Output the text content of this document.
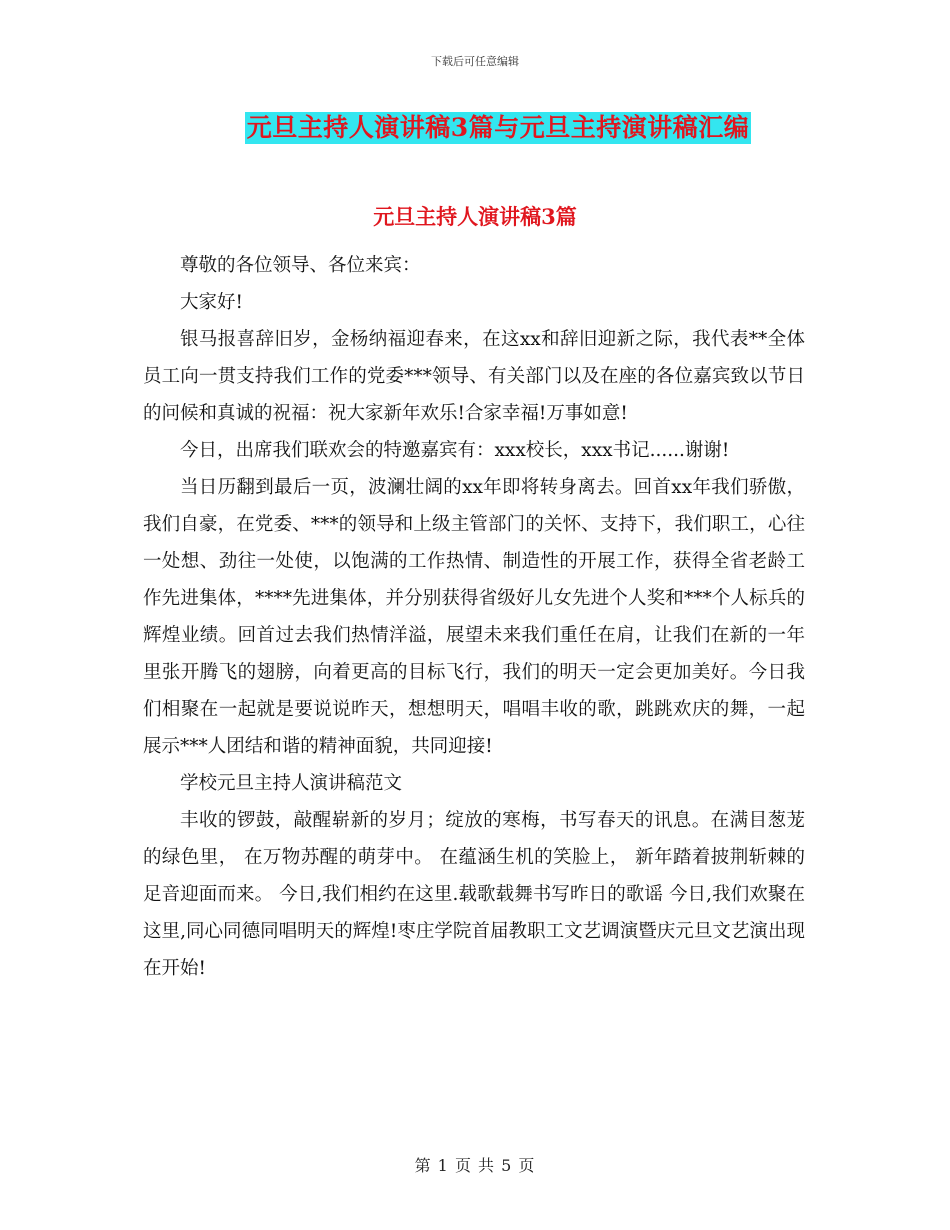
下载后可任意编辑
元旦主持人演讲稿3篇与元旦主持演讲稿汇编
元旦主持人演讲稿3篇

尊敬的各位领导、各位来宾：

大家好!

银马报喜辞旧岁，金杨纳福迎春来，在这xx和辞旧迎新之际，我代表**全体员工向一贯支持我们工作的党委***领导、有关部门以及在座的各位嘉宾致以节日的问候和真诚的祝福：祝大家新年欢乐!合家幸福!万事如意!

今日，出席我们联欢会的特邀嘉宾有：xxx校长，xxx书记......谢谢!

当日历翻到最后一页，波澜壮阔的xx年即将转身离去。回首xx年我们骄傲，我们自豪，在党委、***的领导和上级主管部门的关怀、支持下，我们职工，心往一处想、劲往一处使，以饱满的工作热情、制造性的开展工作，获得全省老龄工作先进集体，****先进集体，并分别获得省级好儿女先进个人奖和***个人标兵的辉煌业绩。回首过去我们热情洋溢，展望未来我们重任在肩，让我们在新的一年里张开腾飞的翅膀，向着更高的目标飞行，我们的明天一定会更加美好。今日我们相聚在一起就是要说说昨天，想想明天，唱唱丰收的歌，跳跳欢庆的舞，一起展示***人团结和谐的精神面貌，共同迎接!

学校元旦主持人演讲稿范文

丰收的锣鼓，敲醒崭新的岁月；绽放的寒梅，书写春天的讯息。在满目葱茏的绿色里， 在万物苏醒的萌芽中。 在蕴涵生机的笑脸上， 新年踏着披荆斩棘的足音迎面而来。 今日,我们相约在这里.载歌载舞书写昨日的歌谣 今日,我们欢聚在这里,同心同德同唱明天的辉煌!枣庄学院首届教职工文艺调演暨庆元旦文艺演出现在开始!

第 1 页 共 5 页
